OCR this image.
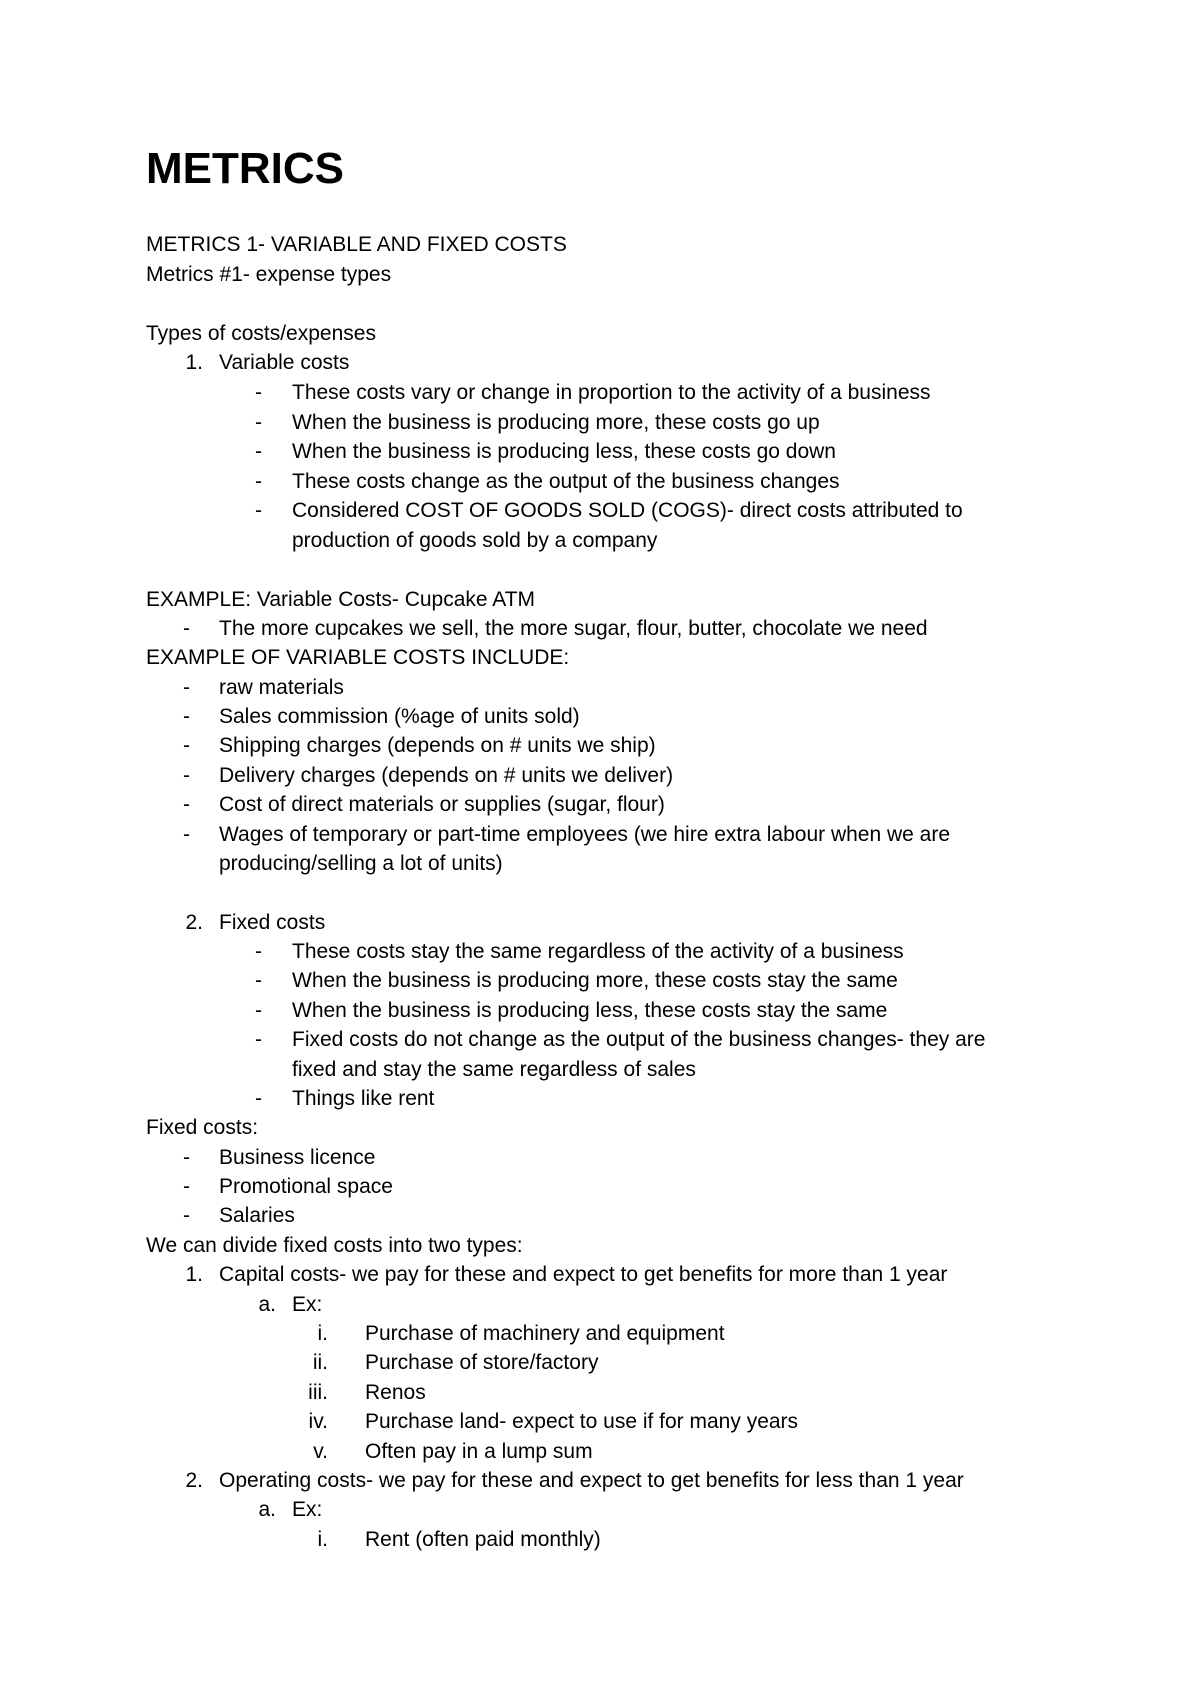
METRICS
METRICS 1- VARIABLE AND FIXED COSTS
Metrics #1- expense types
Types of costs/expenses
1. Variable costs
- These costs vary or change in proportion to the activity of a business
- When the business is producing more, these costs go up
- When the business is producing less, these costs go down
- These costs change as the output of the business changes
- Considered COST OF GOODS SOLD (COGS)- direct costs attributed to
production of goods sold by a company
EXAMPLE: Variable Costs- Cupcake ATM
- The more cupcakes we sell, the more sugar, flour, butter, chocolate we need
EXAMPLE OF VARIABLE COSTS INCLUDE:
- raw materials
- Sales commission (%age of units sold)
- Shipping charges (depends on # units we ship)
- Delivery charges (depends on # units we deliver)
- Cost of direct materials or supplies (sugar, flour)
- Wages of temporary or part-time employees (we hire extra labour when we are
producing/selling a lot of units)
2. Fixed costs
- These costs stay the same regardless of the activity of a business
- When the business is producing more, these costs stay the same
- When the business is producing less, these costs stay the same
- Fixed costs do not change as the output of the business changes- they are
fixed and stay the same regardless of sales
- Things like rent
Fixed costs:
- Business licence
- Promotional space
- Salaries
We can divide fixed costs into two types:
1. Capital costs- we pay for these and expect to get benefits for more than 1 year
a. Ex:
i. Purchase of machinery and equipment
ii. Purchase of store/factory
iii. Renos
iv. Purchase land- expect to use if for many years
v. Often pay in a lump sum
2. Operating costs- we pay for these and expect to get benefits for less than 1 year
a. Ex:
i. Rent (often paid monthly)
